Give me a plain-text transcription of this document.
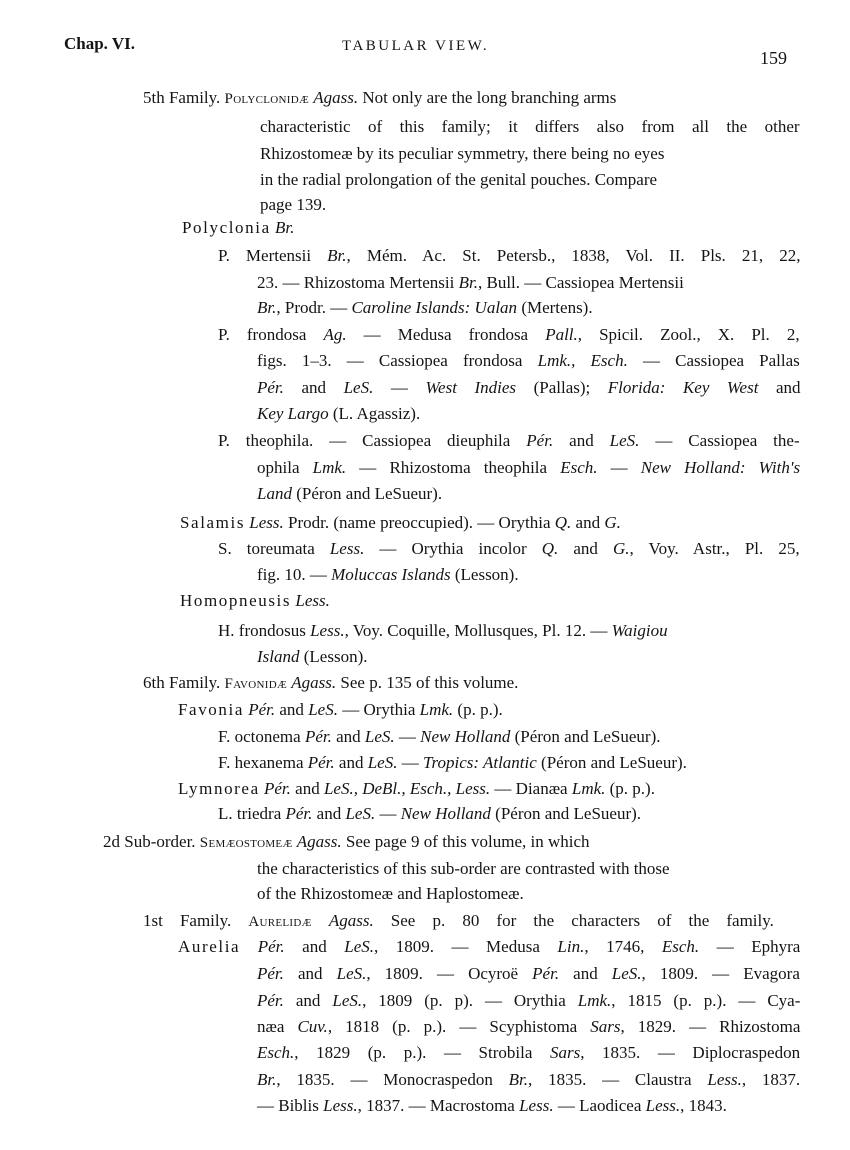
Chap. VI.	TABULAR VIEW.
159
5th Family. Polyclonidæ Agass. Not only are the long branching arms
characteristic of this family; it differs also from all the other
Rhizostomeæ by its peculiar symmetry, there being no eyes
in the radial prolongation of the genital pouches. Compare
page 139.
Polyclonia Br.
P. Mertensii Br., Mém. Ac. St. Petersb., 1838, Vol. II. Pls. 21, 22,
23. — Rhizostoma Mertensii Br., Bull. — Cassiopea Mertensii
Br., Prodr. — Caroline Islands: Ualan (Mertens).
P. frondosa Ag. — Medusa frondosa Pall., Spicil. Zool., X. Pl. 2,
figs. 1–3. — Cassiopea frondosa Lmk., Esch. — Cassiopea Pallas
Pér. and LeS. — West Indies (Pallas); Florida: Key West and
Key Largo (L. Agassiz).
P. theophila. — Cassiopea dieuphila Pér. and LeS. — Cassiopea the-
ophila Lmk. — Rhizostoma theophila Esch. — New Holland: With's
Land (Péron and LeSueur).
Salamis Less. Prodr. (name preoccupied). — Orythia Q. and G.
S. toreumata Less. — Orythia incolor Q. and G., Voy. Astr., Pl. 25,
fig. 10. — Moluccas Islands (Lesson).
Homopneusis Less.
H. frondosus Less., Voy. Coquille, Mollusques, Pl. 12. — Waigiou
Island (Lesson).
6th Family. Favonidæ Agass. See p. 135 of this volume.
Favonia Pér. and LeS. — Orythia Lmk. (p. p.).
F. octonema Pér. and LeS. — New Holland (Péron and LeSueur).
F. hexanema Pér. and LeS. — Tropics: Atlantic (Péron and LeSueur).
Lymnorea Pér. and LeS., DeBl., Esch., Less. — Dianæa Lmk. (p. p.).
L. triedra Pér. and LeS. — New Holland (Péron and LeSueur).
2d Sub-order. Semæostomeæ Agass. See page 9 of this volume, in which
the characteristics of this sub-order are contrasted with those
of the Rhizostomeæ and Haplostomeæ.
1st Family. Aurelidæ Agass. See p. 80 for the characters of the family.
Aurelia Pér. and LeS., 1809. — Medusa Lin., 1746, Esch. — Ephyra
Pér. and LeS., 1809. — Ocyroë Pér. and LeS., 1809. — Evagora
Pér. and LeS., 1809 (p. p). — Orythia Lmk., 1815 (p. p.). — Cya-
næa Cuv., 1818 (p. p.). — Scyphistoma Sars, 1829. — Rhizostoma
Esch., 1829 (p. p.). — Strobila Sars, 1835. — Diplocraspedon
Br., 1835. — Monocraspedon Br., 1835. — Claustra Less., 1837.
— Biblis Less., 1837. — Macrostoma Less. — Laodicea Less., 1843.
